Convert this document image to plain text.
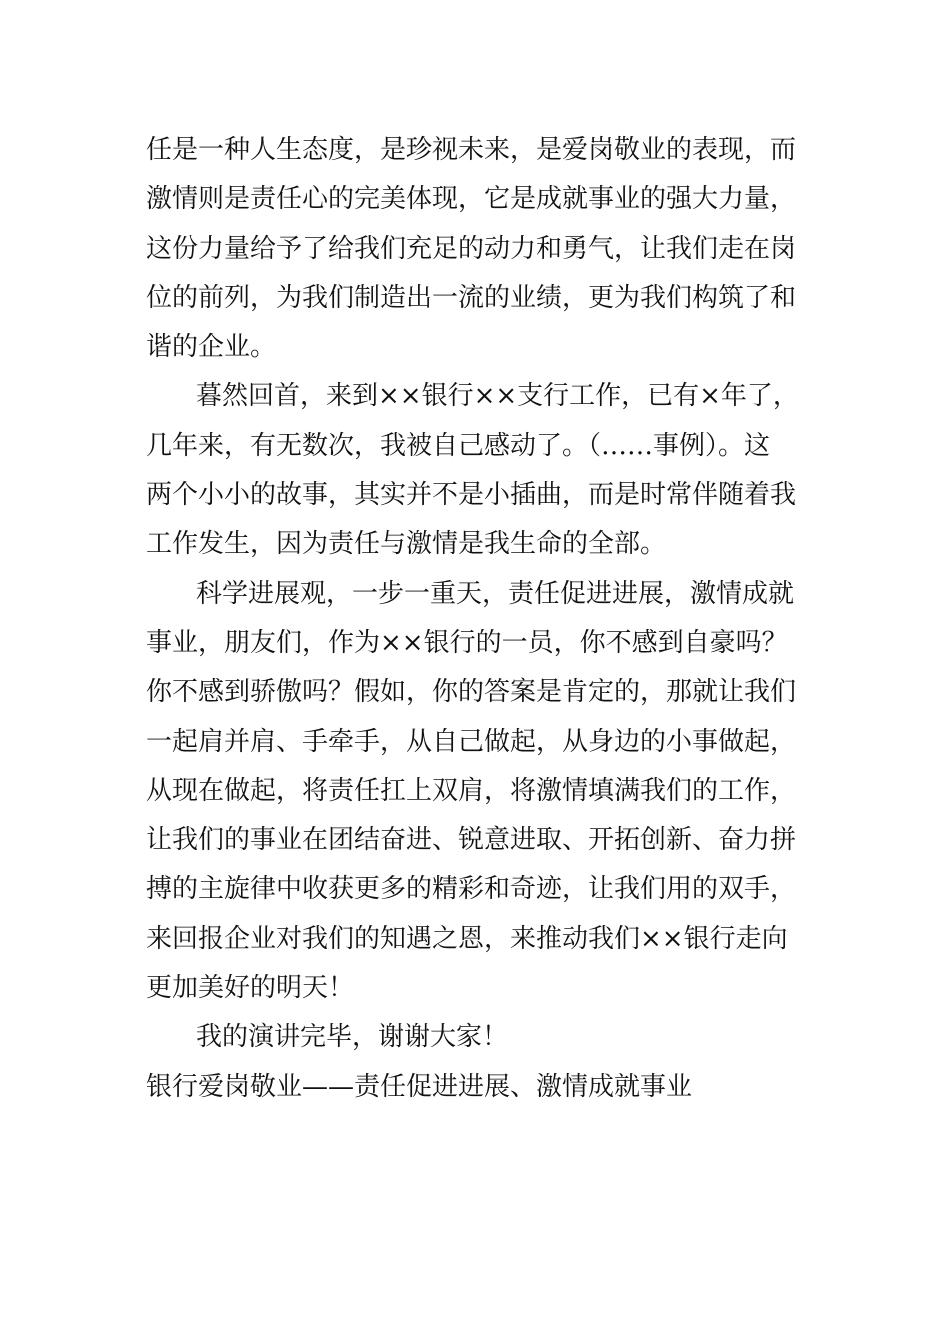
任是一种人生态度，是珍视未来，是爱岗敬业的表现，而
激情则是责任心的完美体现，它是成就事业的强大力量，
这份力量给予了给我们充足的动力和勇气，让我们走在岗
位的前列，为我们制造出一流的业绩，更为我们构筑了和
谐的企业。
暮然回首，来到××银行××支行工作，已有×年了，
几年来，有无数次，我被自己感动了。（……事例）。这
两个小小的故事，其实并不是小插曲，而是时常伴随着我
工作发生，因为责任与激情是我生命的全部。
科学进展观，一步一重天，责任促进进展，激情成就
事业，朋友们，作为××银行的一员，你不感到自豪吗？
你不感到骄傲吗？假如，你的答案是肯定的，那就让我们
一起肩并肩、手牵手，从自己做起，从身边的小事做起，
从现在做起，将责任扛上双肩，将激情填满我们的工作，
让我们的事业在团结奋进、锐意进取、开拓创新、奋力拼
搏的主旋律中收获更多的精彩和奇迹，让我们用的双手，
来回报企业对我们的知遇之恩，来推动我们××银行走向
更加美好的明天！
我的演讲完毕，谢谢大家！
银行爱岗敬业——责任促进进展、激情成就事业
